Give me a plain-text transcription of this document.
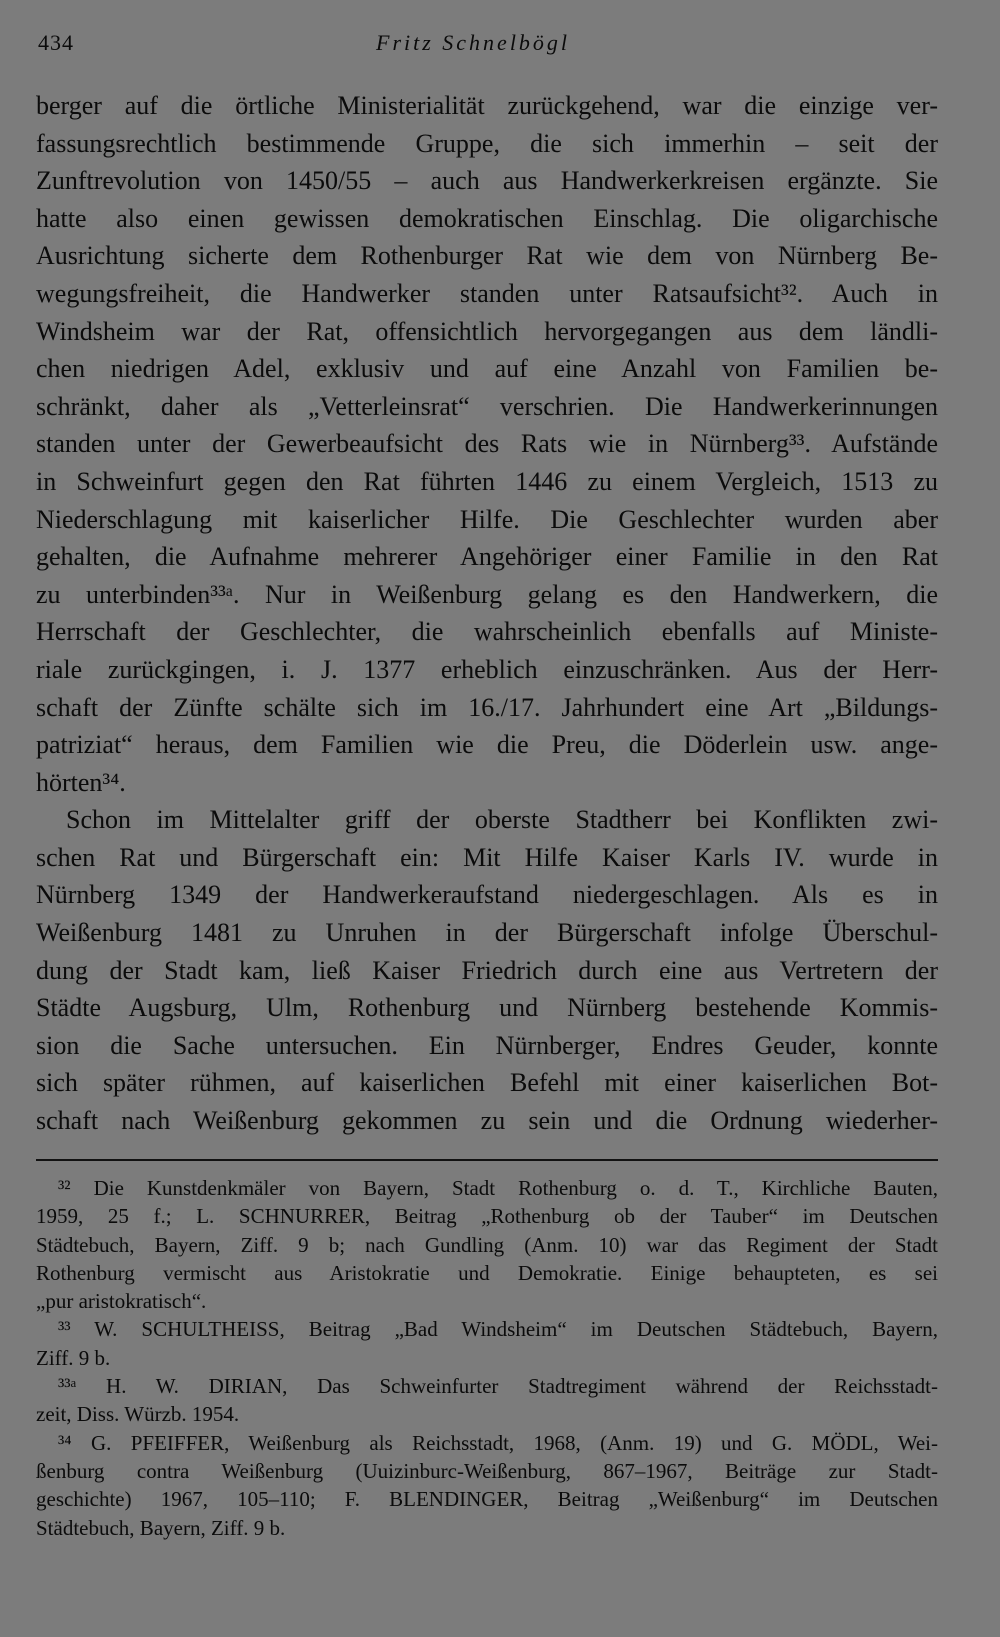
434	Fritz Schnelbögl
berger auf die örtliche Ministerialität zurückgehend, war die einzige ver-
fassungsrechtlich bestimmende Gruppe, die sich immerhin – seit der
Zunftrevolution von 1450/55 – auch aus Handwerkerkreisen ergänzte. Sie
hatte also einen gewissen demokratischen Einschlag. Die oligarchische
Ausrichtung sicherte dem Rothenburger Rat wie dem von Nürnberg Be-
wegungsfreiheit, die Handwerker standen unter Ratsaufsicht³². Auch in
Windsheim war der Rat, offensichtlich hervorgegangen aus dem ländli-
chen niedrigen Adel, exklusiv und auf eine Anzahl von Familien be-
schränkt, daher als „Vetterleinsrat“ verschrien. Die Handwerkerinnungen
standen unter der Gewerbeaufsicht des Rats wie in Nürnberg³³. Aufstände
in Schweinfurt gegen den Rat führten 1446 zu einem Vergleich, 1513 zu
Niederschlagung mit kaiserlicher Hilfe. Die Geschlechter wurden aber
gehalten, die Aufnahme mehrerer Angehöriger einer Familie in den Rat
zu unterbinden³³ᵃ. Nur in Weißenburg gelang es den Handwerkern, die
Herrschaft der Geschlechter, die wahrscheinlich ebenfalls auf Ministe-
riale zurückgingen, i. J. 1377 erheblich einzuschränken. Aus der Herr-
schaft der Zünfte schälte sich im 16./17. Jahrhundert eine Art „Bildungs-
patriziat“ heraus, dem Familien wie die Preu, die Döderlein usw. ange-
hörten³⁴.
Schon im Mittelalter griff der oberste Stadtherr bei Konflikten zwi-
schen Rat und Bürgerschaft ein: Mit Hilfe Kaiser Karls IV. wurde in
Nürnberg 1349 der Handwerkeraufstand niedergeschlagen. Als es in
Weißenburg 1481 zu Unruhen in der Bürgerschaft infolge Überschul-
dung der Stadt kam, ließ Kaiser Friedrich durch eine aus Vertretern der
Städte Augsburg, Ulm, Rothenburg und Nürnberg bestehende Kommis-
sion die Sache untersuchen. Ein Nürnberger, Endres Geuder, konnte
sich später rühmen, auf kaiserlichen Befehl mit einer kaiserlichen Bot-
schaft nach Weißenburg gekommen zu sein und die Ordnung wiederher-
³² Die Kunstdenkmäler von Bayern, Stadt Rothenburg o. d. T., Kirchliche Bauten,
1959, 25 f.; L. SCHNURRER, Beitrag „Rothenburg ob der Tauber“ im Deutschen
Städtebuch, Bayern, Ziff. 9 b; nach Gundling (Anm. 10) war das Regiment der Stadt
Rothenburg vermischt aus Aristokratie und Demokratie. Einige behaupteten, es sei
„pur aristokratisch“.
³³ W. SCHULTHEISS, Beitrag „Bad Windsheim“ im Deutschen Städtebuch, Bayern,
Ziff. 9 b.
³³ᵃ H. W. DIRIAN, Das Schweinfurter Stadtregiment während der Reichsstadt-
zeit, Diss. Würzb. 1954.
³⁴ G. PFEIFFER, Weißenburg als Reichsstadt, 1968, (Anm. 19) und G. MÖDL, Wei-
ßenburg contra Weißenburg (Uuizinburc-Weißenburg, 867–1967, Beiträge zur Stadt-
geschichte) 1967, 105–110; F. BLENDINGER, Beitrag „Weißenburg“ im Deutschen
Städtebuch, Bayern, Ziff. 9 b.
